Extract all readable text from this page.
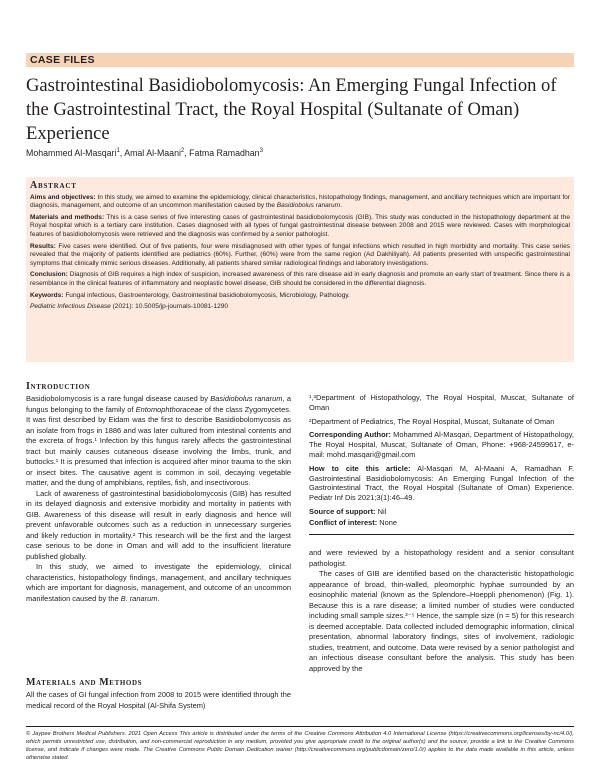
CASE FILES
Gastrointestinal Basidiobolomycosis: An Emerging Fungal Infection of the Gastrointestinal Tract, the Royal Hospital (Sultanate of Oman) Experience
Mohammed Al-Masqari$^1$, Amal Al-Maani$^2$, Fatma Ramadhan$^3$

Abstract

Aims and objectives: In this study, we aimed to examine the epidemiology, clinical characteristics, histopathology findings, management, and ancillary techniques which are important for diagnosis, management, and outcome of an uncommon manifestation caused by the Basidiobolus ranarum.

Materials and methods: This is a case series of five interesting cases of gastrointestinal basidiobolomycosis (GIB). This study was conducted in the histopathology department at the Royal hospital which is a tertiary care institution. Cases diagnosed with all types of fungal gastrointestinal disease between 2008 and 2015 were reviewed. Cases with morphological features of basidiobolomycosis were retrieved and the diagnosis was confirmed by a senior pathologist.

Results: Five cases were identified. Out of five patients, four were misdiagnosed with other types of fungal infections which resulted in high morbidity and mortality. This case series revealed that the majority of patients identified are pediatrics (60%). Further, (60%) were from the same region (Ad Dakhiliyah). All patients presented with unspecific gastrointestinal symptoms that clinically mimic serious diseases. Additionally, all patients shared similar radiological findings and laboratory investigations.

Conclusion: Diagnosis of GIB requires a high index of suspicion, increased awareness of this rare disease aid in early diagnosis and promote an early start of treatment. Since there is a resemblance in the clinical features of inflammatory and neoplastic bowel disease, GIB should be considered in the differential diagnosis.

Keywords: Fungal infectious, Gastroenterology, Gastrointestinal basidiobolomycosis, Microbiology, Pathology.

Pediatric Infectious Disease (2021): 10.5005/jp-journals-10081-1290

Introduction

Basidiobolomycosis is a rare fungal disease caused by Basidiobolus ranarum, a fungus belonging to the family of Entomophthoraceae of the class Zygomycetes. It was first described by Eidam was the first to describe Basidiobolomycosis as an isolate from frogs in 1886 and was later cultured from intestinal contents and the excreta of frogs.¹ Infection by this fungus rarely affects the gastrointestinal tract but mainly causes cutaneous disease involving the limbs, trunk, and buttocks.¹ It is presumed that infection is acquired after minor trauma to the skin or insect bites. The causative agent is common in soil, decaying vegetable matter, and the dung of amphibians, reptiles, fish, and insectivorous.

Lack of awareness of gastrointestinal basidiobolomycosis (GIB) has resulted in its delayed diagnosis and extensive morbidity and mortality in patients with GIB. Awareness of this disease will result in early diagnosis and hence will prevent unfavorable outcomes such as a reduction in unnecessary surgeries and likely reduction in mortality.² This research will be the first and the largest case serious to be done in Oman and will add to the insufficient literature published globally.

In this study, we aimed to investigate the epidemiology, clinical characteristics, histopathology findings, management, and ancillary techniques which are important for diagnosis, management, and outcome of an uncommon manifestation caused by the B. ranarum.

Materials and Methods

All the cases of GI fungal infection from 2008 to 2015 were identified through the medical record of the Royal Hospital (Al-Shifa System)

¹,³Department of Histopathology, The Royal Hospital, Muscat, Sultanate of Oman

²Department of Pediatrics, The Royal Hospital, Muscat, Sultanate of Oman

Corresponding Author: Mohammed Al-Masqari, Department of Histopathology, The Royal Hospital, Muscat, Sultanate of Oman, Phone: +968-24599617, e-mail: mohd.masqari@gmail.com

How to cite this article: Al-Masqari M, Al-Maani A, Ramadhan F. Gastrointestinal Basidiobolomycosis: An Emerging Fungal Infection of the Gastrointestinal Tract, the Royal Hospital (Sultanate of Oman) Experience. Pediatr Inf Dis 2021;3(1):46–49.

Source of support: Nil

Conflict of interest: None

and were reviewed by a histopathology resident and a senior consultant pathologist.

The cases of GIB are identified based on the characteristic histopathologic appearance of broad, thin-walled, pleomorphic hyphae surrounded by an eosinophilic material (known as the Splendore–Hoeppli phenomenon) (Fig. 1). Because this is a rare disease; a limited number of studies were conducted including small sample sizes.³⁻⁵ Hence, the sample size (n = 5) for this research is deemed acceptable. Data collected included demographic information, clinical presentation, abnormal laboratory findings, sites of involvement, radiologic studies, treatment, and outcome. Data were revised by a senior pathologist and an infectious disease consultant before the analysis. This study has been approved by the

© Jaypee Brothers Medical Publishers. 2021 Open Access This article is distributed under the terms of the Creative Commons Attribution 4.0 International License (https://creativecommons.org/licenses/by-nc/4.0/), which permits unrestricted use, distribution, and non-commercial reproduction in any medium, provided you give appropriate credit to the original author(s) and the source, provide a link to the Creative Commons license, and indicate if changes were made. The Creative Commons Public Domain Dedication waiver (http://creativecommons.org/publicdomain/zero/1.0/) applies to the data made available in this article, unless otherwise stated.
